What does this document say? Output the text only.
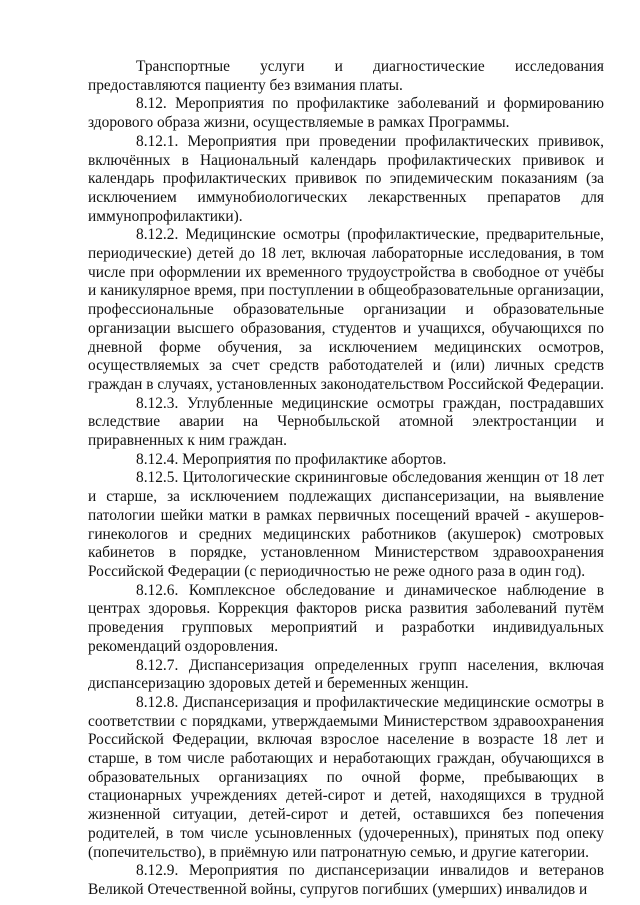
Транспортные услуги и диагностические исследования предоставляются пациенту без взимания платы.

8.12. Мероприятия по профилактике заболеваний и формированию здорового образа жизни, осуществляемые в рамках Программы.

8.12.1. Мероприятия при проведении профилактических прививок, включённых в Национальный календарь профилактических прививок и календарь профилактических прививок по эпидемическим показаниям (за исключением иммунобиологических лекарственных препаратов для иммунопрофилактики).

8.12.2. Медицинские осмотры (профилактические, предварительные, периодические) детей до 18 лет, включая лабораторные исследования, в том числе при оформлении их временного трудоустройства в свободное от учёбы и каникулярное время, при поступлении в общеобразовательные организации, профессиональные образовательные организации и образовательные организации высшего образования, студентов и учащихся, обучающихся по дневной форме обучения, за исключением медицинских осмотров, осуществляемых за счет средств работодателей и (или) личных средств граждан в случаях, установленных законодательством Российской Федерации.

8.12.3. Углубленные медицинские осмотры граждан, пострадавших вследствие аварии на Чернобыльской атомной электростанции и приравненных к ним граждан.

8.12.4. Мероприятия по профилактике абортов.

8.12.5. Цитологические скрининговые обследования женщин от 18 лет и старше, за исключением подлежащих диспансеризации, на выявление патологии шейки матки в рамках первичных посещений врачей - акушеров-гинекологов и средних медицинских работников (акушерок) смотровых кабинетов в порядке, установленном Министерством здравоохранения Российской Федерации (с периодичностью не реже одного раза в один год).

8.12.6. Комплексное обследование и динамическое наблюдение в центрах здоровья. Коррекция факторов риска развития заболеваний путём проведения групповых мероприятий и разработки индивидуальных рекомендаций оздоровления.

8.12.7. Диспансеризация определенных групп населения, включая диспансеризацию здоровых детей и беременных женщин.

8.12.8. Диспансеризация и профилактические медицинские осмотры в соответствии с порядками, утверждаемыми Министерством здравоохранения Российской Федерации, включая взрослое население в возрасте 18 лет и старше, в том числе работающих и неработающих граждан, обучающихся в образовательных организациях по очной форме, пребывающих в стационарных учреждениях детей-сирот и детей, находящихся в трудной жизненной ситуации, детей-сирот и детей, оставшихся без попечения родителей, в том числе усыновленных (удочеренных), принятых под опеку (попечительство), в приёмную или патронатную семью, и другие категории.

8.12.9. Мероприятия по диспансеризации инвалидов и ветеранов Великой Отечественной войны, супругов погибших (умерших) инвалидов и
